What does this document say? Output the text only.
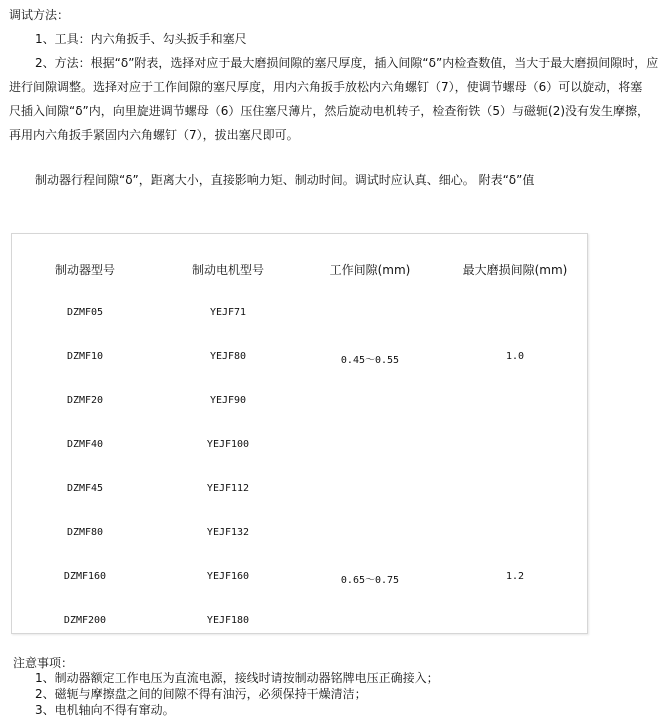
调试方法：
1、工具：内六角扳手、勾头扳手和塞尺
2、方法：根据“δ”附表，选择对应于最大磨损间隙的塞尺厚度，插入间隙“δ”内检查数值，当大于最大磨损间隙时，应
进行间隙调整。选择对应于工作间隙的塞尺厚度，用内六角扳手放松内六角螺钉（7），使调节螺母（6）可以旋动，将塞
尺插入间隙“δ”内，向里旋进调节螺母（6）压住塞尺薄片，然后旋动电机转子，检查衔铁（5）与磁轭(2)没有发生摩擦，
再用内六角扳手紧固内六角螺钉（7），拔出塞尺即可。
制动器行程间隙“δ”，距离大小，直接影响力矩、制动时间。调试时应认真、细心。 附表“δ”值
制动器型号	制动电机型号	工作间隙(mm)	最大磨损间隙(mm)
DZMF05	YEJF71
DZMF10	YEJF80	0.45～0.55	1.0
DZMF20	YEJF90
DZMF40	YEJF100
DZMF45	YEJF112
DZMF80	YEJF132
DZMF160	YEJF160	0.65～0.75	1.2
DZMF200	YEJF180
注意事项：
1、制动器额定工作电压为直流电源，接线时请按制动器铭牌电压正确接入；
2、磁轭与摩擦盘之间的间隙不得有油污，必须保持干燥清洁；
3、电机轴向不得有窜动。
